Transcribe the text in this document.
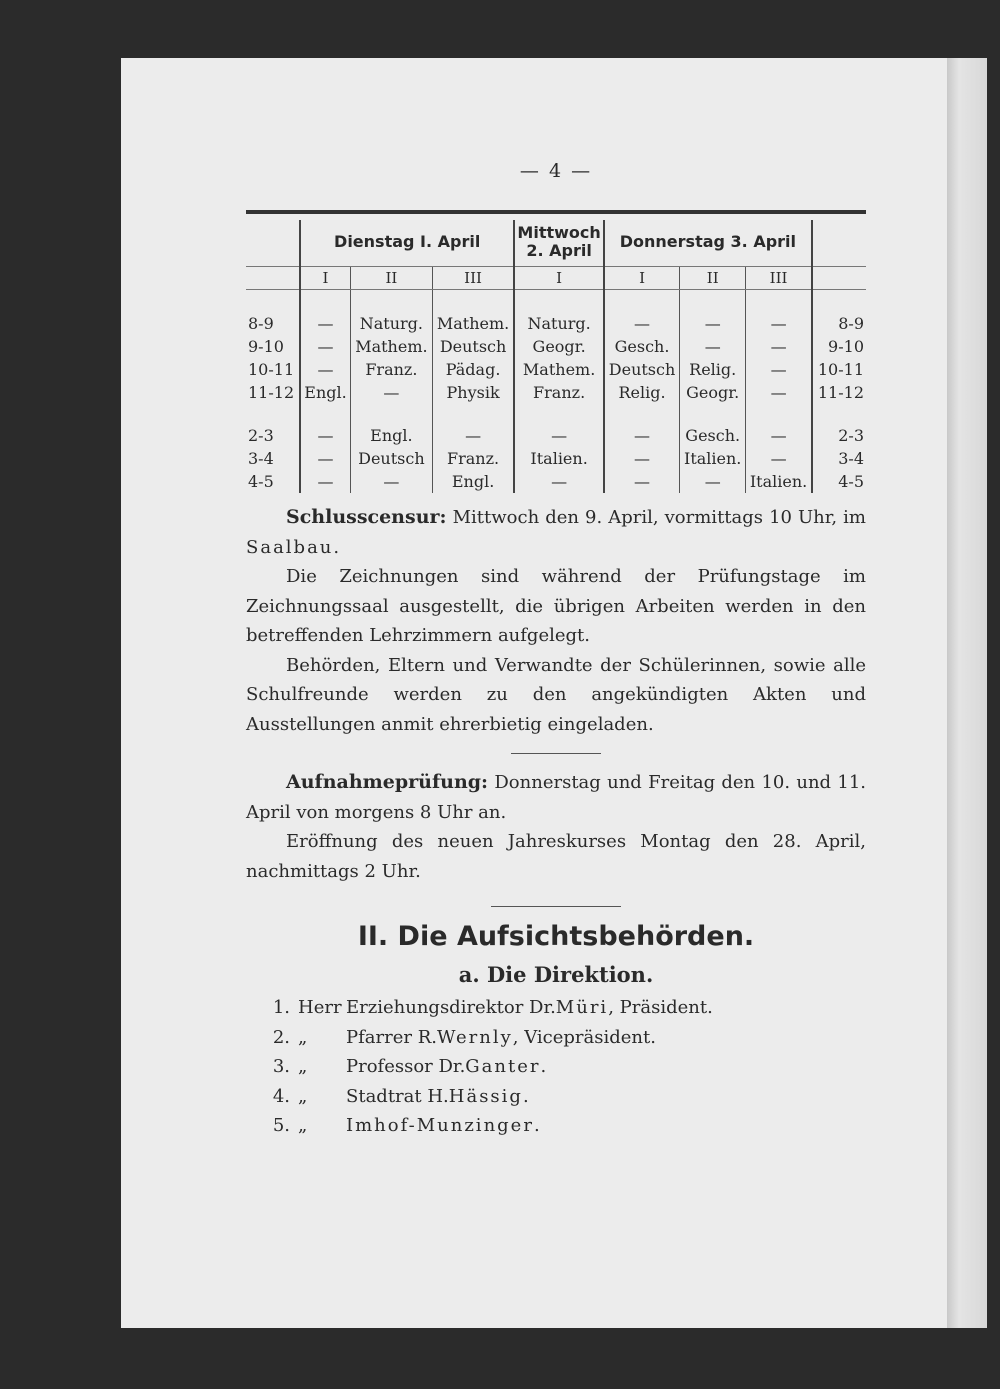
— 4 —
	Dienstag I. April			Mittwoch 2. April	Donnerstag 3. April			
	I	II	III	I	I	II	III	
8-9	—	Naturg.	Mathem.	Naturg.	—	—	—	8-9
9-10	—	Mathem.	Deutsch	Geogr.	Gesch.	—	—	9-10
10-11	—	Franz.	Pädag.	Mathem.	Deutsch	Relig.	—	10-11
11-12	Engl.	—	Physik	Franz.	Relig.	Geogr.	—	11-12

2-3	—	Engl.	—	—	—	Gesch.	—	2-3
3-4	—	Deutsch	Franz.	Italien.	—	Italien.	—	3-4
4-5	—	—	Engl.	—	—	—	Italien.	4-5

Schlusscensur: Mittwoch den 9. April, vormittags 10 Uhr, im Saalbau.

Die Zeichnungen sind während der Prüfungstage im Zeichnungssaal ausgestellt, die übrigen Arbeiten werden in den betreffenden Lehrzimmern aufgelegt.

Behörden, Eltern und Verwandte der Schülerinnen, sowie alle Schulfreunde werden zu den angekündigten Akten und Ausstellungen anmit ehrerbietig eingeladen.

Aufnahmeprüfung: Donnerstag und Freitag den 10. und 11. April von morgens 8 Uhr an.

Eröffnung des neuen Jahreskurses Montag den 28. April, nachmittags 2 Uhr.

II. Die Aufsichtsbehörden.
a. Die Direktion.
1. Herr Erziehungsdirektor Dr. Müri , Präsident.
2. „	Pfarrer R. Wernly , Vicepräsident.
3. „	Professor Dr. Ganter .
4. „	Stadtrat H. Hässig .
5. „	Imhof-Munzinger .
